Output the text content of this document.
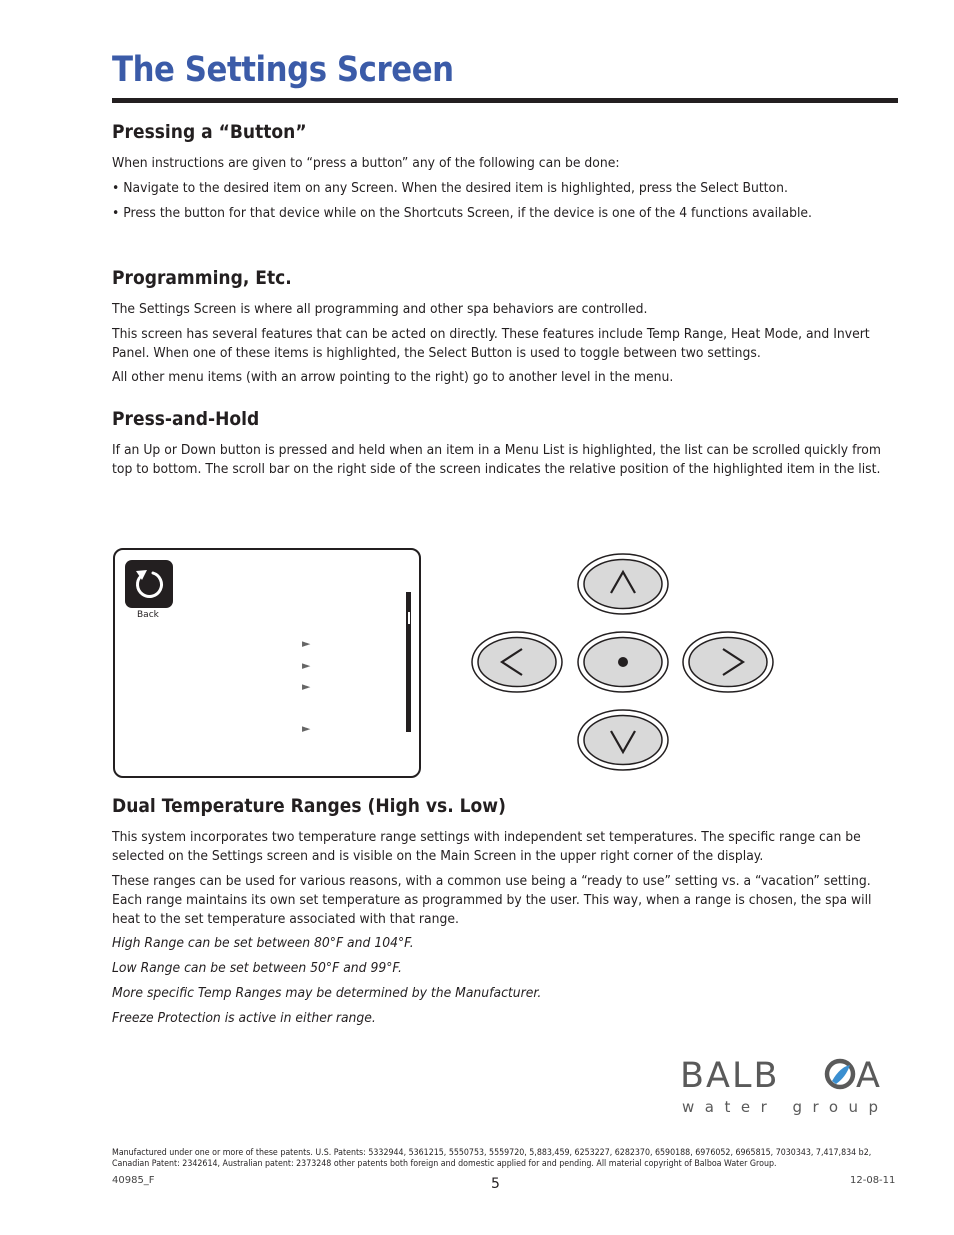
The Settings Screen
Pressing a “Button”

When instructions are given to “press a button” any of the following can be done:

• Navigate to the desired item on any Screen. When the desired item is highlighted, press the Select Button.

• Press the button for that device while on the Shortcuts Screen, if the device is one of the 4 functions available.

Programming, Etc.

The Settings Screen is where all programming and other spa behaviors are controlled.

This screen has several features that can be acted on directly. These features include Temp Range, Heat Mode, and Invert Panel. When one of these items is highlighted, the Select Button is used to toggle between two settings.

All other menu items (with an arrow pointing to the right) go to another level in the menu.

Press-and-Hold

If an Up or Down button is pressed and held when an item in a Menu List is highlighted, the list can be scrolled quickly from top to bottom. The scroll bar on the right side of the screen indicates the relative position of the highlighted item in the list.

Back
►
►
►
►
Dual Temperature Ranges (High vs. Low)

This system incorporates two temperature range settings with independent set temperatures. The specific range can be selected on the Settings screen and is visible on the Main Screen in the upper right corner of the display.

These ranges can be used for various reasons, with a common use being a “ready to use” setting vs. a “vacation” setting. Each range maintains its own set temperature as programmed by the user. This way, when a range is chosen, the spa will heat to the set temperature associated with that range.

High Range can be set between 80°F and 104°F.

Low Range can be set between 50°F and 99°F.

More specific Temp Ranges may be determined by the Manufacturer.

Freeze Protection is active in either range.

BALB A
water group
Manufactured under one or more of these patents. U.S. Patents: 5332944, 5361215, 5550753, 5559720, 5,883,459, 6253227, 6282370, 6590188, 6976052, 6965815, 7030343, 7,417,834 b2,
Canadian Patent: 2342614, Australian patent: 2373248 other patents both foreign and domestic applied for and pending. All material copyright of Balboa Water Group.
40985_F	5	12-08-11
